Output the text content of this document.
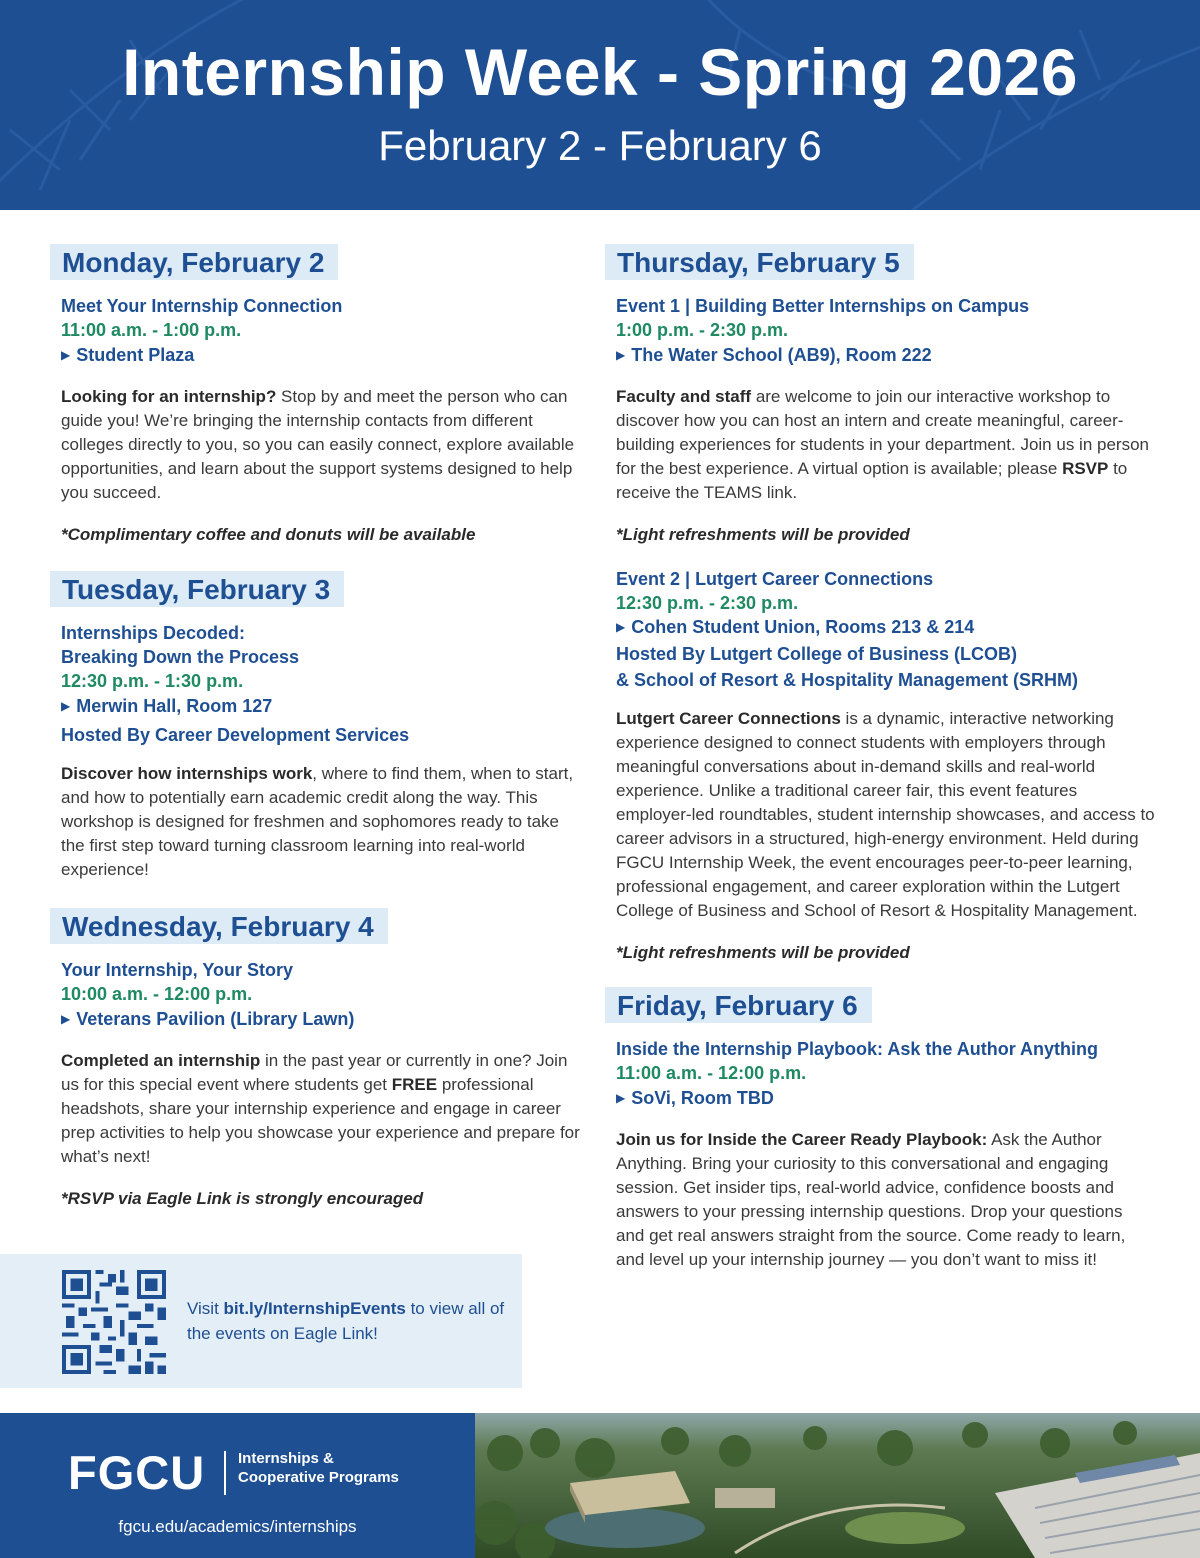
Internship Week - Spring 2026
February 2 - February 6
Monday, February 2
Meet Your Internship Connection
11:00 a.m. - 1:00 p.m.
▶ Student Plaza
Looking for an internship? Stop by and meet the person who can guide you! We’re bringing the internship contacts from different colleges directly to you, so you can easily connect, explore available opportunities, and learn about the support systems designed to help you succeed.
*Complimentary coffee and donuts will be available
Tuesday, February 3
Internships Decoded:
Breaking Down the Process
12:30 p.m. - 1:30 p.m.
▶ Merwin Hall, Room 127
Hosted By Career Development Services
Discover how internships work, where to find them, when to start, and how to potentially earn academic credit along the way. This workshop is designed for freshmen and sophomores ready to take the first step toward turning classroom learning into real-world experience!
Wednesday, February 4
Your Internship, Your Story
10:00 a.m. - 12:00 p.m.
▶ Veterans Pavilion (Library Lawn)
Completed an internship in the past year or currently in one? Join us for this special event where students get FREE professional headshots, share your internship experience and engage in career prep activities to help you showcase your experience and prepare for what’s next!
*RSVP via Eagle Link is strongly encouraged
Visit bit.ly/InternshipEvents to view all of the events on Eagle Link!
Thursday, February 5
Event 1 | Building Better Internships on Campus
1:00 p.m. - 2:30 p.m.
▶ The Water School (AB9), Room 222
Faculty and staff are welcome to join our interactive workshop to discover how you can host an intern and create meaningful, career-building experiences for students in your department. Join us in person for the best experience. A virtual option is available; please RSVP to receive the TEAMS link.
*Light refreshments will be provided
Event 2 | Lutgert Career Connections
12:30 p.m. - 2:30 p.m.
▶ Cohen Student Union, Rooms 213 & 214
Hosted By Lutgert College of Business (LCOB)
& School of Resort & Hospitality Management (SRHM)
Lutgert Career Connections is a dynamic, interactive networking experience designed to connect students with employers through meaningful conversations about in-demand skills and real-world experience. Unlike a traditional career fair, this event features employer-led roundtables, student internship showcases, and access to career advisors in a structured, high-energy environment. Held during FGCU Internship Week, the event encourages peer-to-peer learning, professional engagement, and career exploration within the Lutgert College of Business and School of Resort & Hospitality Management.
*Light refreshments will be provided
Friday, February 6
Inside the Internship Playbook: Ask the Author Anything
11:00 a.m. - 12:00 p.m.
▶ SoVi, Room TBD
Join us for Inside the Career Ready Playbook: Ask the Author Anything. Bring your curiosity to this conversational and engaging session. Get insider tips, real-world advice, confidence boosts and answers to your pressing internship questions. Drop your questions and get real answers straight from the source. Come ready to learn, and level up your internship journey — you don’t want to miss it!
FGCU Internships &
Cooperative Programs
fgcu.edu/academics/internships
